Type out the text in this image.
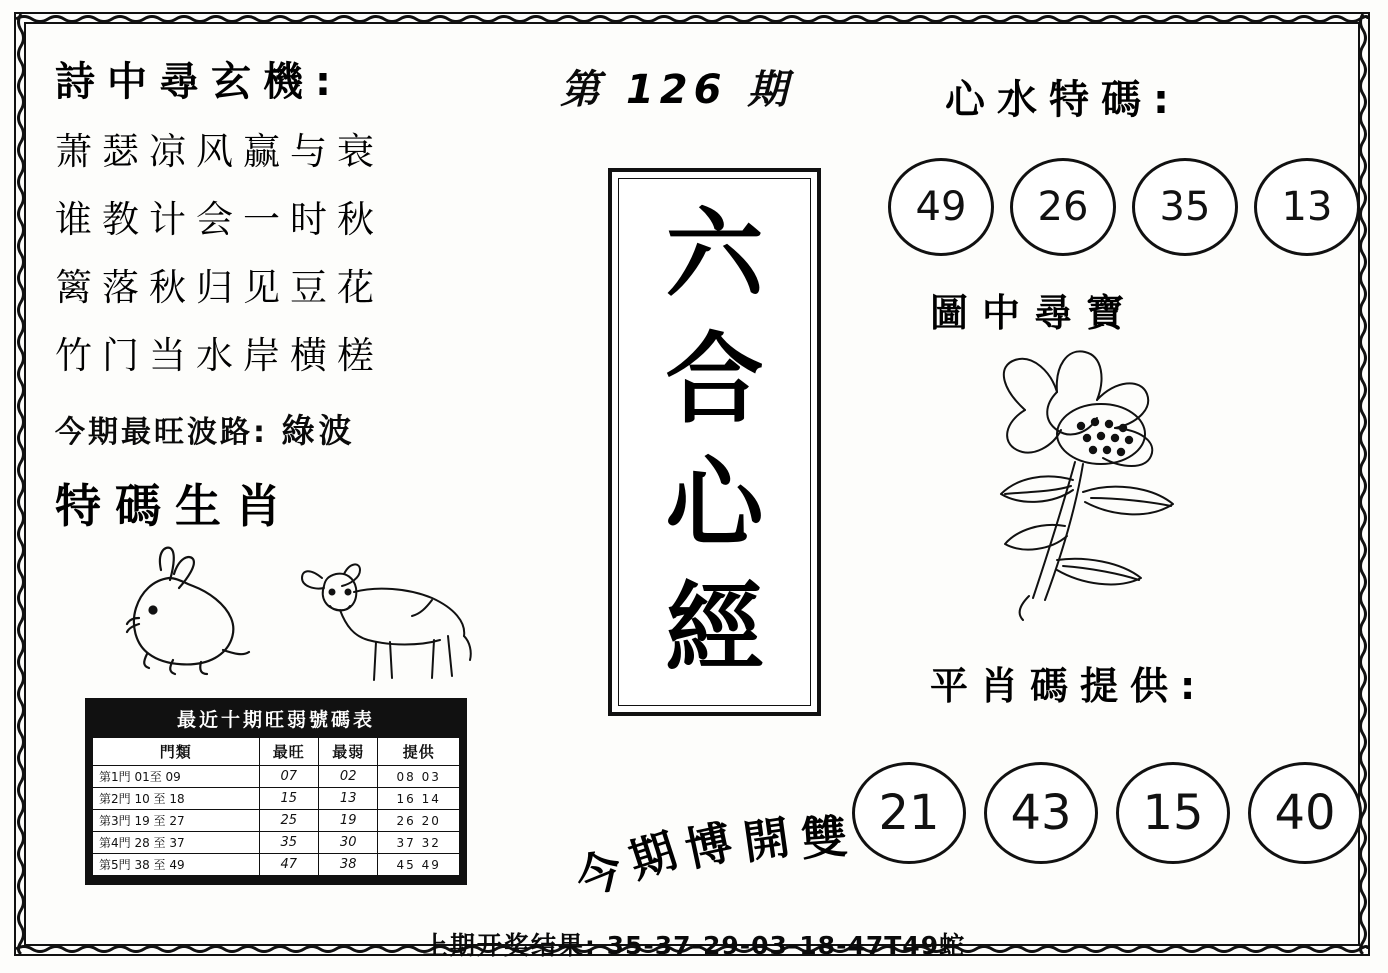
詩中尋玄機:
萧瑟凉风赢与衰
谁教计会一时秋
篱落秋归见豆花
竹门当水岸横槎
今期最旺波路: 綠波
特碼生肖
最近十期旺弱號碼表
門類	最旺	最弱	提供
第1門 01至 09	07	02	08 03
第2門 10 至 18	15	13	16 14
第3門 19 至 27	25	19	26 20
第4門 28 至 37	35	30	37 32
第5門 38 至 49	47	38	45 49
第 126 期
六
合
心
經
今
期
博 開 雙
心水特碼:
49	26	35	13
圖中尋寶
平肖碼提供:
21	43	15	40
上期开奖结果: 35-37-29-03-18-47T49蛇
